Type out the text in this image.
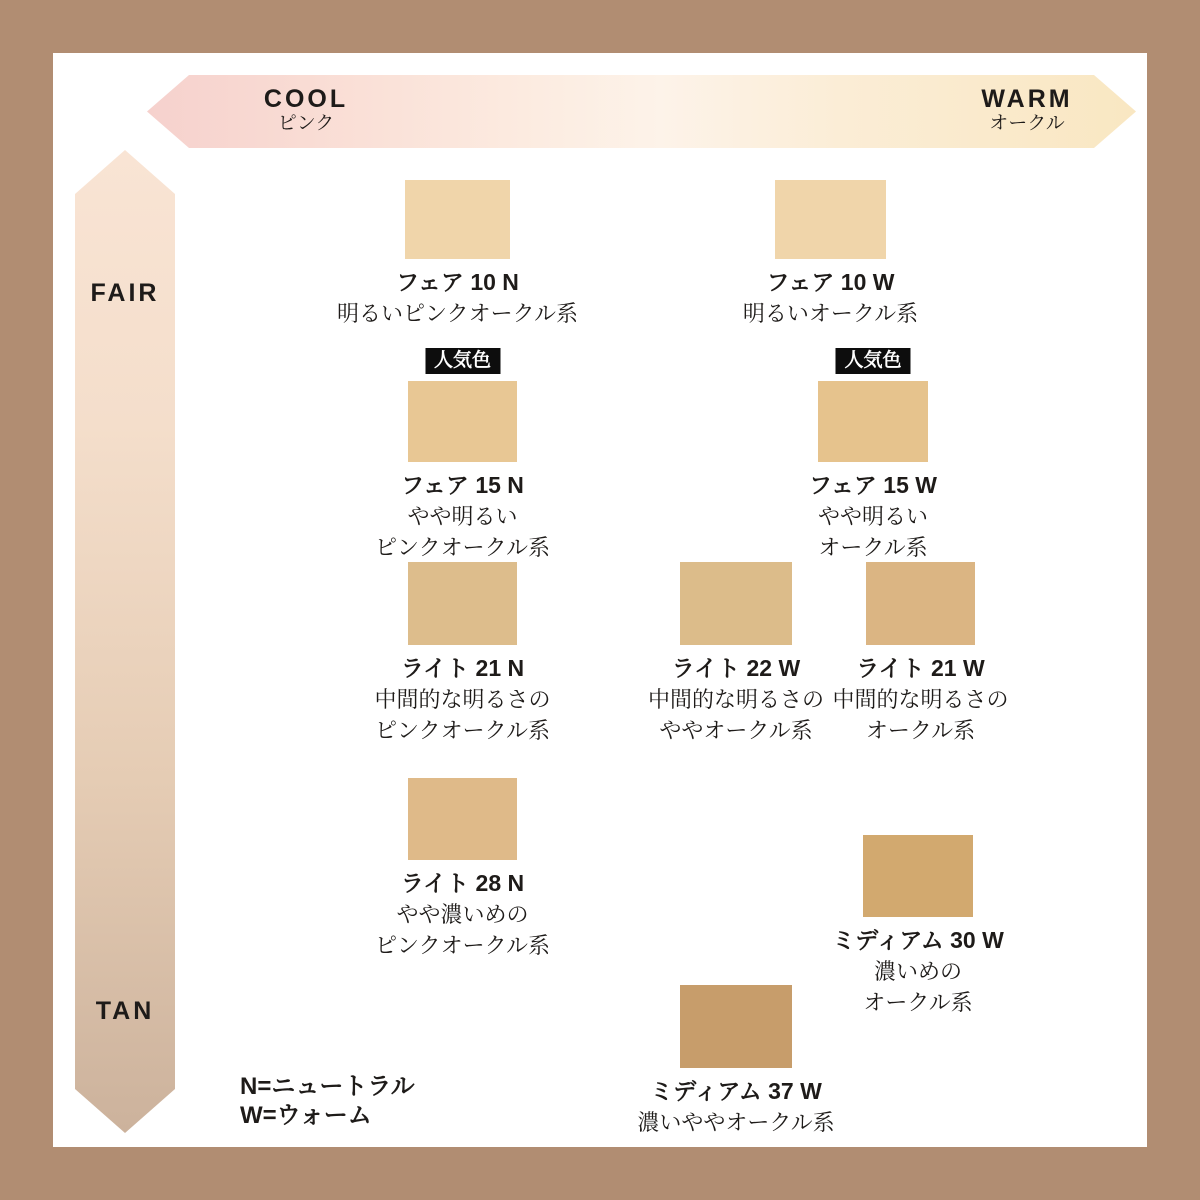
COOL
ピンク
WARM
オークル
FAIR
TAN
フェア 10 N
明るいピンクオークル系
フェア 10 W
明るいオークル系
人気色
フェア 15 N
やや明るい
ピンクオークル系
人気色
フェア 15 W
やや明るい
オークル系
ライト 21 N
中間的な明るさの
ピンクオークル系
ライト 22 W
中間的な明るさの
ややオークル系
ライト 21 W
中間的な明るさの
オークル系
ライト 28 N
やや濃いめの
ピンクオークル系	ミディアム 30 W
濃いめの
オークル系
ミディアム 37 W
濃いややオークル系
N=ニュートラル
W=ウォーム
